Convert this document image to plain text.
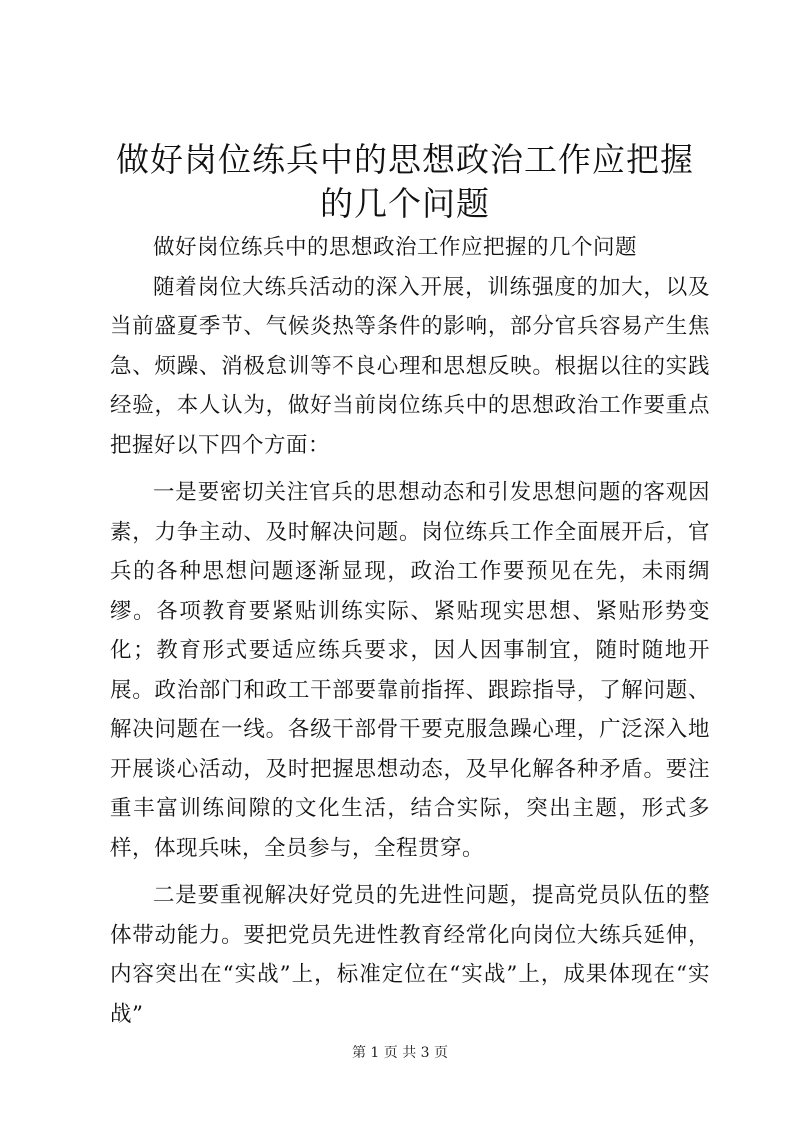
做好岗位练兵中的思想政治工作应把握的几个问题

做好岗位练兵中的思想政治工作应把握的几个问题

随着岗位大练兵活动的深入开展，训练强度的加大，以及当前盛夏季节、气候炎热等条件的影响，部分官兵容易产生焦急、烦躁、消极怠训等不良心理和思想反映。根据以往的实践经验，本人认为，做好当前岗位练兵中的思想政治工作要重点把握好以下四个方面：

一是要密切关注官兵的思想动态和引发思想问题的客观因素，力争主动、及时解决问题。岗位练兵工作全面展开后，官兵的各种思想问题逐渐显现，政治工作要预见在先，未雨绸缪。各项教育要紧贴训练实际、紧贴现实思想、紧贴形势变化；教育形式要适应练兵要求，因人因事制宜，随时随地开展。政治部门和政工干部要靠前指挥、跟踪指导，了解问题、解决问题在一线。各级干部骨干要克服急躁心理，广泛深入地开展谈心活动，及时把握思想动态，及早化解各种矛盾。要注重丰富训练间隙的文化生活，结合实际，突出主题，形式多样，体现兵味，全员参与，全程贯穿。

二是要重视解决好党员的先进性问题，提高党员队伍的整体带动能力。要把党员先进性教育经常化向岗位大练兵延伸，内容突出在“实战”上，标准定位在“实战”上，成果体现在“实战”

第 1 页 共 3 页
